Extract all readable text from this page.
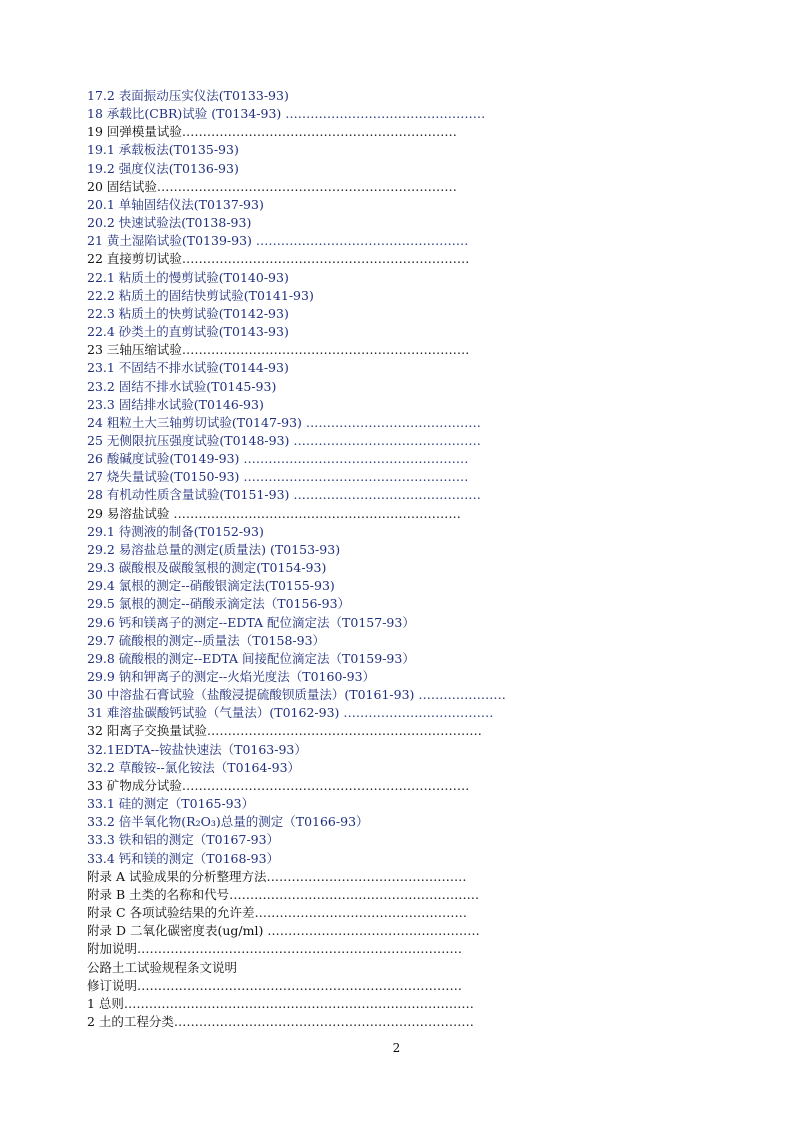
17.2 表面振动压实仪法(T0133-93)
18 承载比(CBR)试验 (T0134-93) …………………………………………
19 回弹模量试验…………………………………………………………
19.1 承载板法(T0135-93)
19.2 强度仪法(T0136-93)
20 固结试验………………………………………………………………
20.1 单轴固结仪法(T0137-93)
20.2 快速试验法(T0138-93)
21 黄土湿陷试验(T0139-93) ……………………………………………
22 直接剪切试验……………………………………………………………
22.1 粘质土的慢剪试验(T0140-93)
22.2 粘质土的固结快剪试验(T0141-93)
22.3 粘质土的快剪试验(T0142-93)
22.4 砂类土的直剪试验(T0143-93)
23 三轴压缩试验……………………………………………………………
23.1 不固结不排水试验(T0144-93)
23.2 固结不排水试验(T0145-93)
23.3 固结排水试验(T0146-93)
24 粗粒土大三轴剪切试验(T0147-93) ……………………………………
25 无侧限抗压强度试验(T0148-93) ………………………………………
26 酸碱度试验(T0149-93) ………………………………………………
27 烧失量试验(T0150-93) ………………………………………………
28 有机动性质含量试验(T0151-93) ………………………………………
29 易溶盐试验 ……………………………………………………………
29.1 待测液的制备(T0152-93)
29.2 易溶盐总量的测定(质量法) (T0153-93)
29.3 碳酸根及碳酸氢根的测定(T0154-93)
29.4 氯根的测定--硝酸银滴定法(T0155-93)
29.5 氯根的测定--硝酸汞滴定法（T0156-93）
29.6 钙和镁离子的测定--EDTA 配位滴定法（T0157-93）
29.7 硫酸根的测定--质量法（T0158-93）
29.8 硫酸根的测定--EDTA 间接配位滴定法（T0159-93）
29.9 钠和钾离子的测定--火焰光度法（T0160-93）
30 中溶盐石膏试验（盐酸浸提硫酸钡质量法）(T0161-93) …………………
31 难溶盐碳酸钙试验（气量法）(T0162-93) ………………………………
32 阳离子交换量试验…………………………………………………………
32.1EDTA--铵盐快速法（T0163-93）
32.2 草酸铵--氯化铵法（T0164-93）
33 矿物成分试验……………………………………………………………
33.1 硅的测定（T0165-93）
33.2 倍半氧化物(R₂O₃)总量的测定（T0166-93）
33.3 铁和铝的测定（T0167-93）
33.4 钙和镁的测定（T0168-93）
附录 A 试验成果的分析整理方法…………………………………………
附录 B 土类的名称和代号……………………………………………………
附录 C 各项试验结果的允许差……………………………………………
附录 D 二氧化碳密度表(ug/ml) ……………………………………………
附加说明……………………………………………………………………
公路土工试验规程条文说明
修订说明……………………………………………………………………
1 总则…………………………………………………………………………
2 土的工程分类………………………………………………………………
2
